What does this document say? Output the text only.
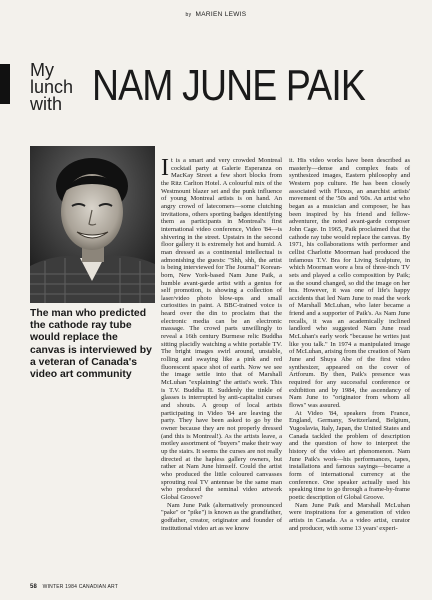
by MARIEN LEWIS
My
lunch
with NAM JUNE PAIK
The man who predicted the cathode ray tube would replace the canvas is interviewed by a veteran of Canada's video art community

It is a smart and very crowded Montreal cocktail party at Galerie Esperanza on MacKay Street a few short blocks from the Ritz Carlton Hotel. A colourful mix of the Westmount blazer set and the punk influence of young Montreal artists is on hand. An angry crowd of latecomers—some clutching invitations, others sporting badges identifying them as participants in Montreal's first international video conference, Video '84—is shivering in the street. Upstairs in the second floor gallery it is extremely hot and humid. A man dressed as a continental intellectual is admonishing the guests: "Shh, shh, the artist is being interviewed for The Journal" Korean-born, New York-based Nam June Paik, a humble avant-garde artist with a genius for self promotion, is showing a collection of laser/video photo blow-ups and small curiosities in paint. A BBC-trained voice is heard over the din to proclaim that the electronic media can be an electronic massage. The crowd parts unwillingly to reveal a 16th century Burmese relic Buddha sitting placidly watching a white portable TV. The bright images swirl around, unstable, rolling and swaying like a pink and red fluorescent space shot of earth. Now we see the image settle into that of Marshall McLuhan "explaining" the artist's work. This is T.V. Buddha II. Suddenly the tinkle of glasses is interrupted by anti-capitalist curses and shouts. A group of local artists participating in Video '84 are leaving the party. They have been asked to go by the owner because they are not properly dressed (and this is Montreal!). As the artists leave, a motley assortment of "buyers" make their way up the stairs. It seems the curses are not really directed at the hapless gallery owners, but rather at Nam June himself. Could the artist who produced the little coloured canvasses sprouting real TV antennae be the same man who produced the seminal video artwork Global Groove?

Nam June Paik (alternatively pronounced "pake" or "pike") is known as the grandfather, godfather, creator, originator and founder of institutional video art as we know

it. His video works have been described as masterly—dense and complex feats of synthesized images, Eastern philosophy and Western pop culture. He has been closely associated with Fluxus, an anarchist artists' movement of the '50s and '60s. An artist who began as a musician and composer, he has been inspired by his friend and fellow-adventurer, the noted avant-garde composer John Cage. In 1965, Paik proclaimed that the cathode ray tube would replace the canvas. By 1971, his collaborations with performer and cellist Charlotte Moorman had produced the infamous T.V. Bra for Living Sculpture, in which Moorman wore a bra of three-inch TV sets and played a cello composition by Paik; as the sound changed, so did the image on her bra. However, it was one of life's happy accidents that led Nam June to read the work of Marshall McLuhan, who later became a friend and a supporter of Paik's. As Nam June recalls, it was an academically inclined landlord who suggested Nam June read McLuhan's early work "because he writes just like you talk." In 1974 a manipulated image of McLuhan, arising from the creation of Nam June and Shuya Abe of the first video synthesizer, appeared on the cover of Artforum. By then, Paik's presence was required for any successful conference or exhibition and by 1984, the ascendancy of Nam June to "originator from whom all flows" was assured.

At Video '84, speakers from France, England, Germany, Switzerland, Belgium, Yugoslavia, Italy, Japan, the United States and Canada tackled the problem of description and the question of how to interpret the history of the video art phenomenon. Nam June Paik's work—his performances, tapes, installations and famous sayings—became a form of international currency at the conference. One speaker actually used his speaking time to go through a frame-by-frame poetic description of Global Groove.

Nam June Paik and Marshall McLuhan were inspirations for a generation of video artists in Canada. As a video artist, curator and producer, with some 13 years' experi-

58 WINTER 1984 CANADIAN ART
